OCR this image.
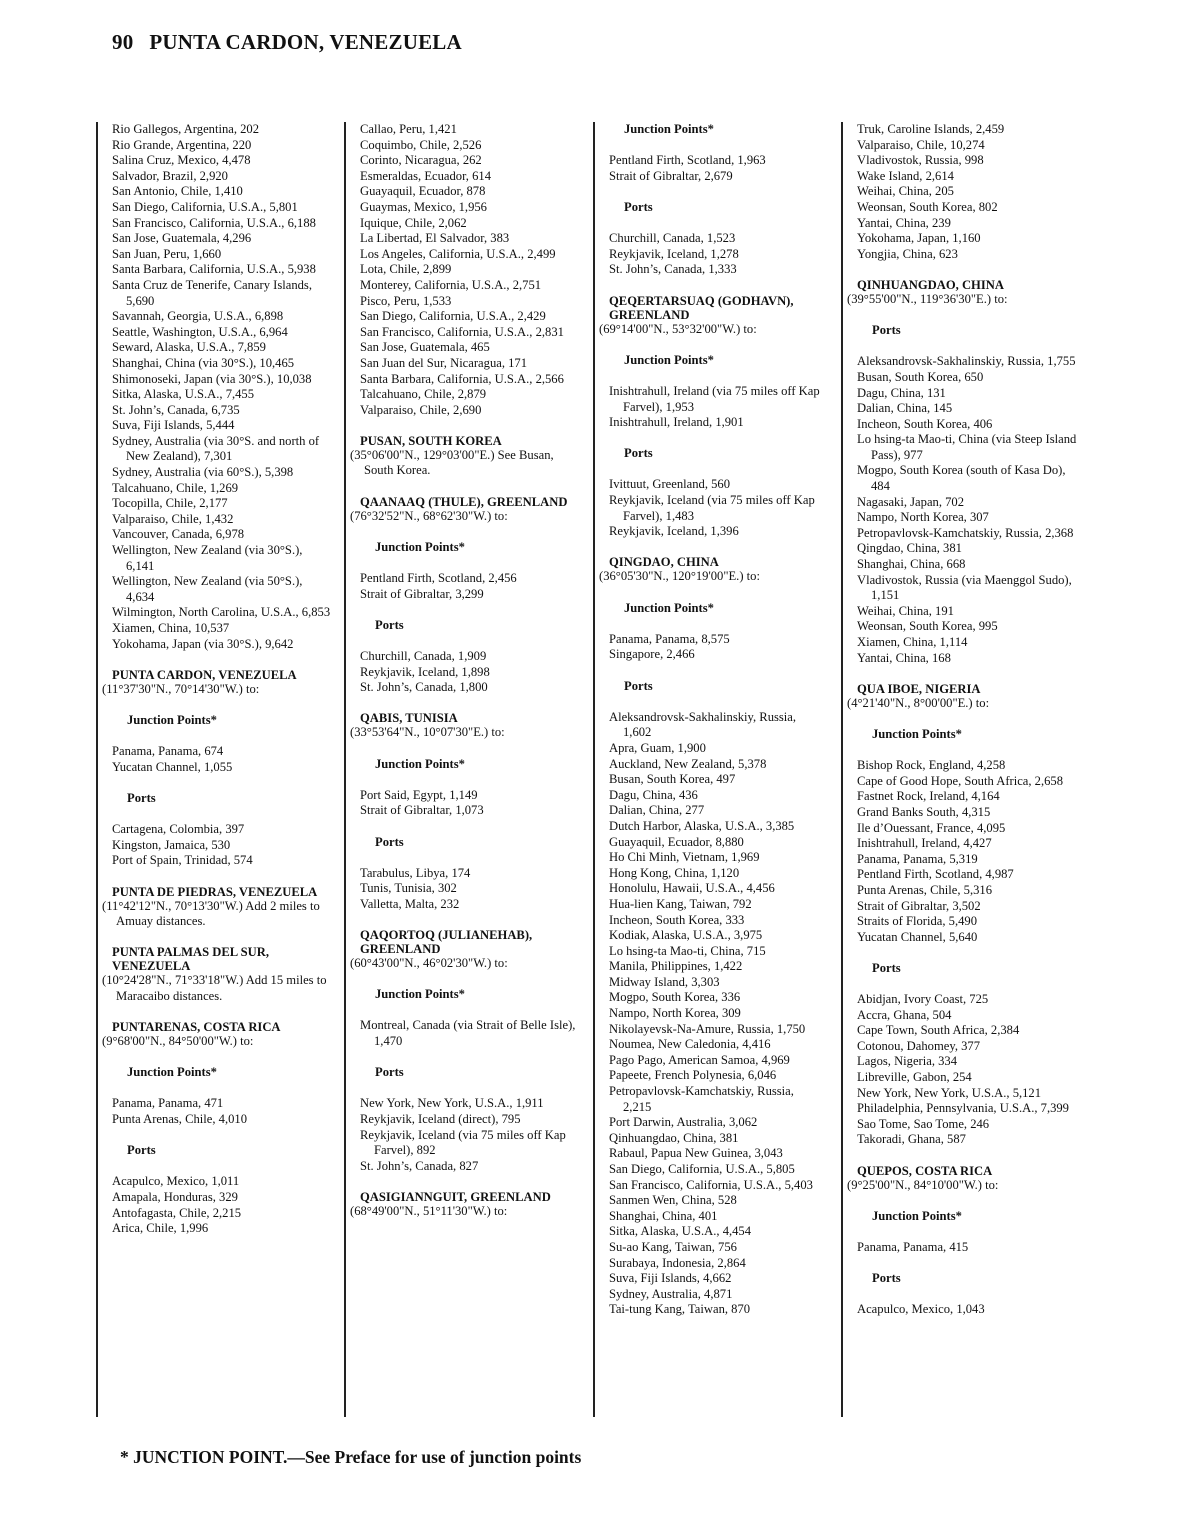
90 PUNTA CARDON, VENEZUELA
Rio Gallegos, Argentina, 202
Rio Grande, Argentina, 220
Salina Cruz, Mexico, 4,478
Salvador, Brazil, 2,920
San Antonio, Chile, 1,410
San Diego, California, U.S.A., 5,801
San Francisco, California, U.S.A., 6,188
San Jose, Guatemala, 4,296
San Juan, Peru, 1,660
Santa Barbara, California, U.S.A., 5,938
Santa Cruz de Tenerife, Canary Islands, 5,690
Savannah, Georgia, U.S.A., 6,898
Seattle, Washington, U.S.A., 6,964
Seward, Alaska, U.S.A., 7,859
Shanghai, China (via 30°S.), 10,465
Shimonoseki, Japan (via 30°S.), 10,038
Sitka, Alaska, U.S.A., 7,455
St. John’s, Canada, 6,735
Suva, Fiji Islands, 5,444
Sydney, Australia (via 30°S. and north of New Zealand), 7,301
Sydney, Australia (via 60°S.), 5,398
Talcahuano, Chile, 1,269
Tocopilla, Chile, 2,177
Valparaiso, Chile, 1,432
Vancouver, Canada, 6,978
Wellington, New Zealand (via 30°S.), 6,141
Wellington, New Zealand (via 50°S.), 4,634
Wilmington, North Carolina, U.S.A., 6,853
Xiamen, China, 10,537
Yokohama, Japan (via 30°S.), 9,642
PUNTA CARDON, VENEZUELA
(11°37'30"N., 70°14'30"W.) to:
Junction Points*
Panama, Panama, 674
Yucatan Channel, 1,055
Ports
Cartagena, Colombia, 397
Kingston, Jamaica, 530
Port of Spain, Trinidad, 574
PUNTA DE PIEDRAS, VENEZUELA
(11°42'12"N., 70°13'30"W.) Add 2 miles to Amuay distances.
PUNTA PALMAS DEL SUR, VENEZUELA
(10°24'28"N., 71°33'18"W.) Add 15 miles to Maracaibo distances.
PUNTARENAS, COSTA RICA
(9°68'00"N., 84°50'00"W.) to:
Junction Points*
Panama, Panama, 471
Punta Arenas, Chile, 4,010
Ports
Acapulco, Mexico, 1,011
Amapala, Honduras, 329
Antofagasta, Chile, 2,215
Arica, Chile, 1,996
Callao, Peru, 1,421
Coquimbo, Chile, 2,526
Corinto, Nicaragua, 262
Esmeraldas, Ecuador, 614
Guayaquil, Ecuador, 878
Guaymas, Mexico, 1,956
Iquique, Chile, 2,062
La Libertad, El Salvador, 383
Los Angeles, California, U.S.A., 2,499
Lota, Chile, 2,899
Monterey, California, U.S.A., 2,751
Pisco, Peru, 1,533
San Diego, California, U.S.A., 2,429
San Francisco, California, U.S.A., 2,831
San Jose, Guatemala, 465
San Juan del Sur, Nicaragua, 171
Santa Barbara, California, U.S.A., 2,566
Talcahuano, Chile, 2,879
Valparaiso, Chile, 2,690
PUSAN, SOUTH KOREA
(35°06'00"N., 129°03'00"E.) See Busan, South Korea.
QAANAAQ (THULE), GREENLAND
(76°32'52"N., 68°62'30"W.) to:
Junction Points*
Pentland Firth, Scotland, 2,456
Strait of Gibraltar, 3,299
Ports
Churchill, Canada, 1,909
Reykjavik, Iceland, 1,898
St. John’s, Canada, 1,800
QABIS, TUNISIA
(33°53'64"N., 10°07'30"E.) to:
Junction Points*
Port Said, Egypt, 1,149
Strait of Gibraltar, 1,073
Ports
Tarabulus, Libya, 174
Tunis, Tunisia, 302
Valletta, Malta, 232
QAQORTOQ (JULIANEHAB), GREENLAND
(60°43'00"N., 46°02'30"W.) to:
Junction Points*
Montreal, Canada (via Strait of Belle Isle), 1,470
Ports
New York, New York, U.S.A., 1,911
Reykjavik, Iceland (direct), 795
Reykjavik, Iceland (via 75 miles off Kap Farvel), 892
St. John’s, Canada, 827
QASIGIANNGUIT, GREENLAND
(68°49'00"N., 51°11'30"W.) to:
Junction Points*
Pentland Firth, Scotland, 1,963
Strait of Gibraltar, 2,679
Ports
Churchill, Canada, 1,523
Reykjavik, Iceland, 1,278
St. John’s, Canada, 1,333
QEQERTARSUAQ (GODHAVN), GREENLAND
(69°14'00"N., 53°32'00"W.) to:
Junction Points*
Inishtrahull, Ireland (via 75 miles off Kap Farvel), 1,953
Inishtrahull, Ireland, 1,901
Ports
Ivittuut, Greenland, 560
Reykjavik, Iceland (via 75 miles off Kap Farvel), 1,483
Reykjavik, Iceland, 1,396
QINGDAO, CHINA
(36°05'30"N., 120°19'00"E.) to:
Junction Points*
Panama, Panama, 8,575
Singapore, 2,466
Ports
Aleksandrovsk-Sakhalinskiy, Russia, 1,602
Apra, Guam, 1,900
Auckland, New Zealand, 5,378
Busan, South Korea, 497
Dagu, China, 436
Dalian, China, 277
Dutch Harbor, Alaska, U.S.A., 3,385
Guayaquil, Ecuador, 8,880
Ho Chi Minh, Vietnam, 1,969
Hong Kong, China, 1,120
Honolulu, Hawaii, U.S.A., 4,456
Hua-lien Kang, Taiwan, 792
Incheon, South Korea, 333
Kodiak, Alaska, U.S.A., 3,975
Lo hsing-ta Mao-ti, China, 715
Manila, Philippines, 1,422
Midway Island, 3,303
Mogpo, South Korea, 336
Nampo, North Korea, 309
Nikolayevsk-Na-Amure, Russia, 1,750
Noumea, New Caledonia, 4,416
Pago Pago, American Samoa, 4,969
Papeete, French Polynesia, 6,046
Petropavlovsk-Kamchatskiy, Russia, 2,215
Port Darwin, Australia, 3,062
Qinhuangdao, China, 381
Rabaul, Papua New Guinea, 3,043
San Diego, California, U.S.A., 5,805
San Francisco, California, U.S.A., 5,403
Sanmen Wen, China, 528
Shanghai, China, 401
Sitka, Alaska, U.S.A., 4,454
Su-ao Kang, Taiwan, 756
Surabaya, Indonesia, 2,864
Suva, Fiji Islands, 4,662
Sydney, Australia, 4,871
Tai-tung Kang, Taiwan, 870
Truk, Caroline Islands, 2,459
Valparaiso, Chile, 10,274
Vladivostok, Russia, 998
Wake Island, 2,614
Weihai, China, 205
Weonsan, South Korea, 802
Yantai, China, 239
Yokohama, Japan, 1,160
Yongjia, China, 623
QINHUANGDAO, CHINA
(39°55'00"N., 119°36'30"E.) to:
Ports
Aleksandrovsk-Sakhalinskiy, Russia, 1,755
Busan, South Korea, 650
Dagu, China, 131
Dalian, China, 145
Incheon, South Korea, 406
Lo hsing-ta Mao-ti, China (via Steep Island Pass), 977
Mogpo, South Korea (south of Kasa Do), 484
Nagasaki, Japan, 702
Nampo, North Korea, 307
Petropavlovsk-Kamchatskiy, Russia, 2,368
Qingdao, China, 381
Shanghai, China, 668
Vladivostok, Russia (via Maenggol Sudo), 1,151
Weihai, China, 191
Weonsan, South Korea, 995
Xiamen, China, 1,114
Yantai, China, 168
QUA IBOE, NIGERIA
(4°21'40"N., 8°00'00"E.) to:
Junction Points*
Bishop Rock, England, 4,258
Cape of Good Hope, South Africa, 2,658
Fastnet Rock, Ireland, 4,164
Grand Banks South, 4,315
Ile d’Ouessant, France, 4,095
Inishtrahull, Ireland, 4,427
Panama, Panama, 5,319
Pentland Firth, Scotland, 4,987
Punta Arenas, Chile, 5,316
Strait of Gibraltar, 3,502
Straits of Florida, 5,490
Yucatan Channel, 5,640
Ports
Abidjan, Ivory Coast, 725
Accra, Ghana, 504
Cape Town, South Africa, 2,384
Cotonou, Dahomey, 377
Lagos, Nigeria, 334
Libreville, Gabon, 254
New York, New York, U.S.A., 5,121
Philadelphia, Pennsylvania, U.S.A., 7,399
Sao Tome, Sao Tome, 246
Takoradi, Ghana, 587
QUEPOS, COSTA RICA
(9°25'00"N., 84°10'00"W.) to:
Junction Points*
Panama, Panama, 415
Ports
Acapulco, Mexico, 1,043
* JUNCTION POINT.—See Preface for use of junction points
